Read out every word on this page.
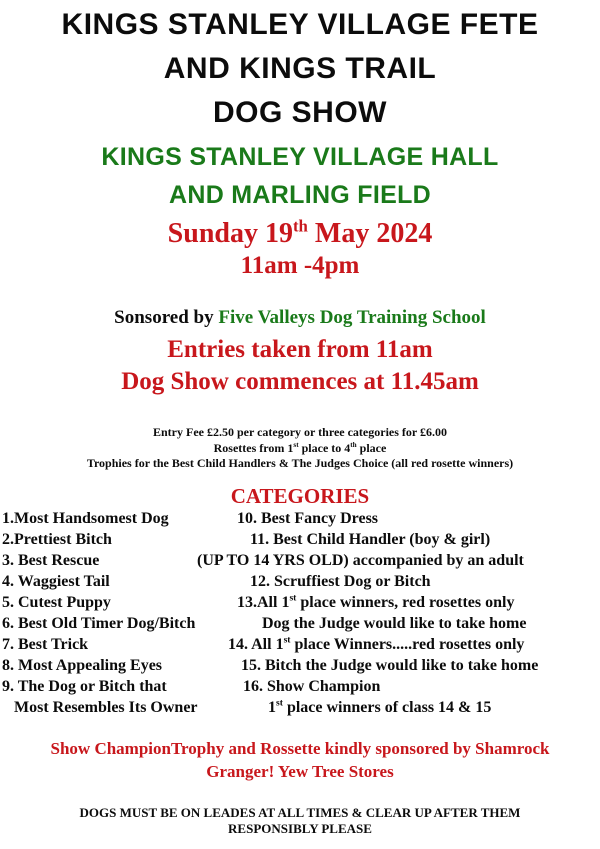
KINGS STANLEY VILLAGE FETE
AND KINGS TRAIL
DOG SHOW
KINGS STANLEY VILLAGE HALL
AND MARLING FIELD
Sunday 19th May 2024
11am -4pm
Sonsored by Five Valleys Dog Training School
Entries taken from 11am
Dog Show commences at 11.45am
Entry Fee £2.50 per category or three categories for £6.00
Rosettes from 1st place to 4th place
Trophies for the Best Child Handlers & The Judges Choice (all red rosette winners)
CATEGORIES
1.Most Handsomest Dog	10. Best Fancy Dress
2.Prettiest Bitch	11. Best Child Handler (boy & girl)
3. Best Rescue	(UP TO 14 YRS OLD) accompanied by an adult
4. Waggiest Tail	12. Scruffiest Dog or Bitch
5. Cutest Puppy	13.All 1st place winners, red rosettes only
6. Best Old Timer Dog/Bitch	Dog the Judge would like to take home
7. Best Trick	14. All 1st place Winners.....red rosettes only
8. Most Appealing Eyes	15. Bitch the Judge would like to take home
9. The Dog or Bitch that	16. Show Champion
Most Resembles Its Owner	1st place winners of class 14 & 15
Show ChampionTrophy and Rossette kindly sponsored by Shamrock
Granger! Yew Tree Stores
DOGS MUST BE ON LEADES AT ALL TIMES & CLEAR UP AFTER THEM
RESPONSIBLY PLEASE
